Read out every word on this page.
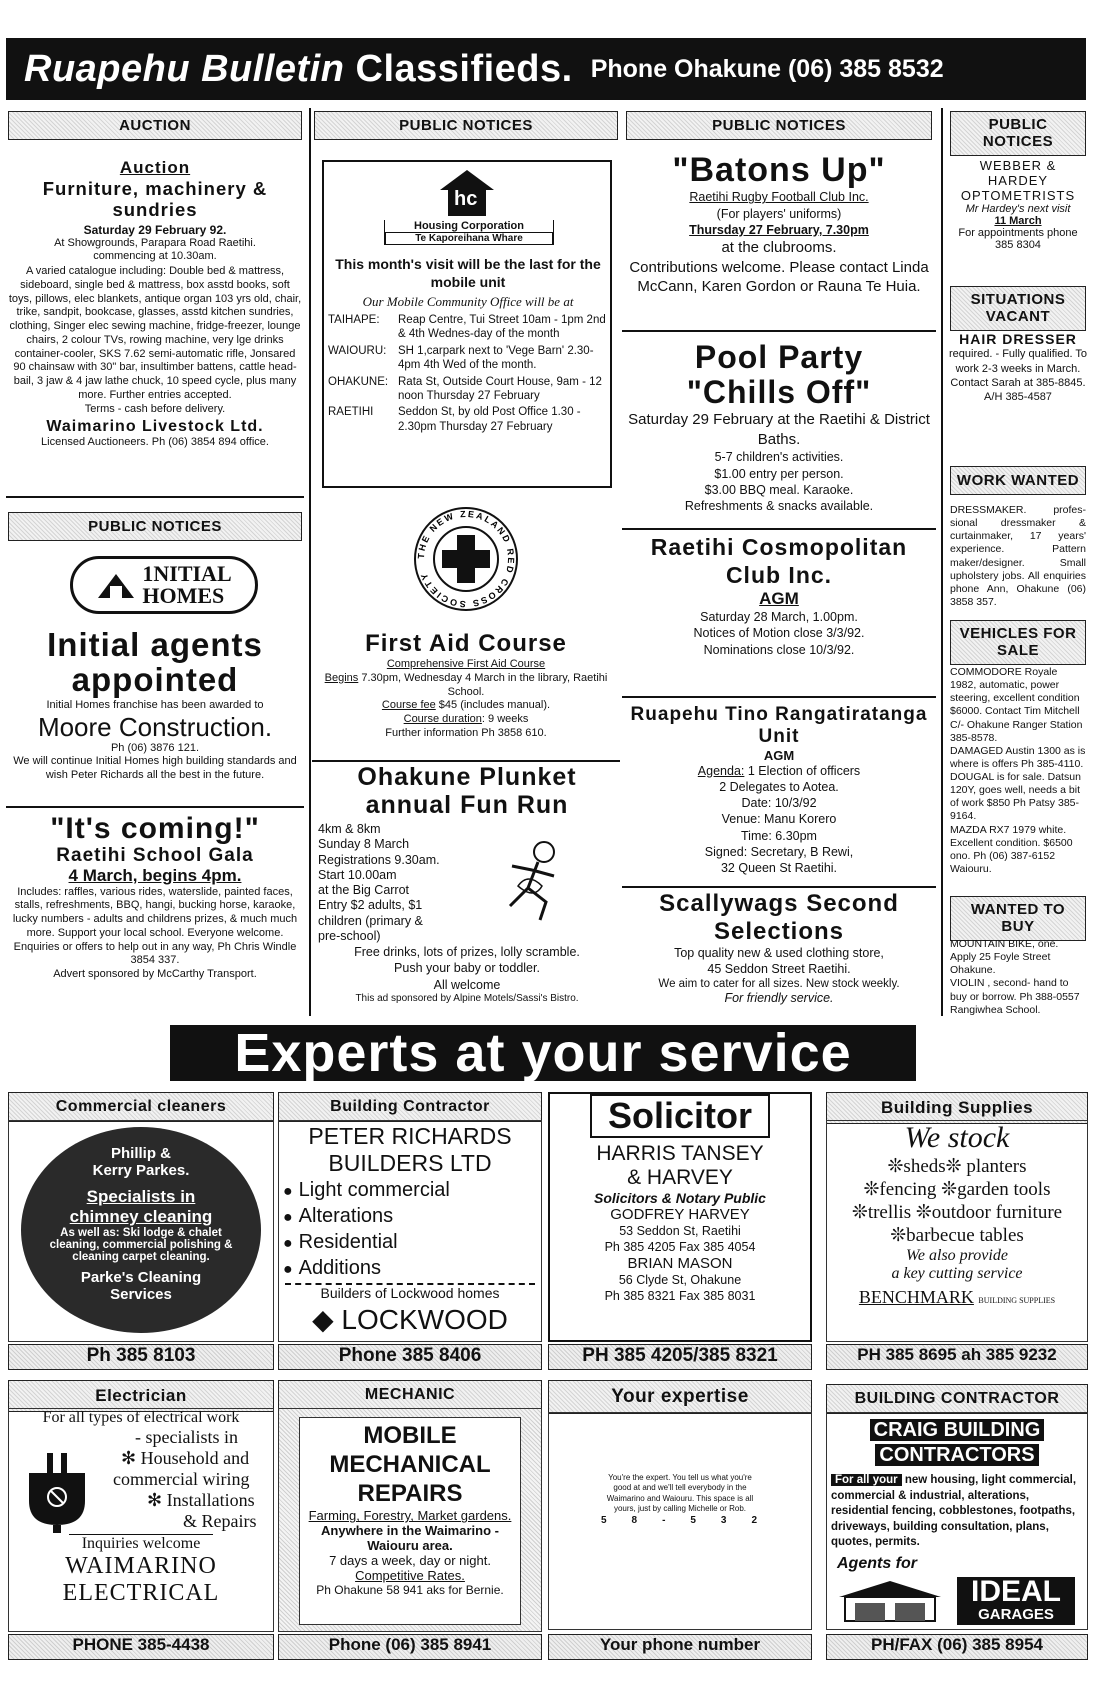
Ruapehu Bulletin Classifieds. Phone Ohakune (06) 385 8532
AUCTION
Auction
Furniture, machinery & sundries
Saturday 29 February 92.
At Showgrounds, Parapara Road Raetihi.
commencing at 10.30am.
A varied catalogue including: Double bed & mattress, sideboard, single bed & mattress, box asstd books, soft toys, pillows, elec blankets, antique organ 103 yrs old, chair, trike, sandpit, bookcase, glasses, asstd kitchen sundries, clothing, Singer elec sewing machine, fridge-freezer, lounge chairs, 2 colour TVs, rowing machine, very lge drinks container-cooler, SKS 7.62 semi-automatic rifle, Jonsared 90 chainsaw with 30" bar, insultimber battens, cattle head-bail, 3 jaw & 4 jaw lathe chuck, 10 speed cycle, plus many more. Further entries accepted.
Terms - cash before delivery.
Waimarino Livestock Ltd.
Licensed Auctioneers. Ph (06) 3854 894 office.
PUBLIC NOTICES
1NITIAL
HOMES
Initial agents
appointed
Initial Homes franchise has been awarded to
Moore Construction.
Ph (06) 3876 121.
We will continue Initial Homes high building standards and wish Peter Richards all the best in the future.
"It's coming!"
Raetihi School Gala
4 March, begins 4pm.
Includes: raffles, various rides, waterslide, painted faces, stalls, refreshments, BBQ, hangi, bucking horse, karaoke, lucky numbers - adults and childrens prizes, & much much more. Support your local school. Everyone welcome. Enquiries or offers to help out in any way, Ph Chris Windle 3854 337.
Advert sponsored by McCarthy Transport.
PUBLIC NOTICES
hc
Housing Corporation
Te Kaporeihana Whare
This month's visit will be the last for the mobile unit
Our Mobile Community Office will be at
TAIHAPE:	Reap Centre, Tui Street 10am - 1pm 2nd & 4th Wednes-day of the month
WAIOURU:	SH 1,carpark next to 'Vege Barn' 2.30-4pm 4th Wed of the month.
OHAKUNE:	Rata St, Outside Court House, 9am - 12 noon Thursday 27 February
RAETIHI	Seddon St, by old Post Office 1.30 - 2.30pm Thursday 27 February
THE NEW ZEALAND RED CROSS SOCIETY
First Aid Course
Comprehensive First Aid Course
Begins 7.30pm, Wednesday 4 March in the library, Raetihi School.
Course fee $45 (includes manual).
Course duration: 9 weeks
Further information Ph 3858 610.
Ohakune Plunket
annual Fun Run
4km & 8km
Sunday 8 March
Registrations 9.30am.
Start 10.00am
at the Big Carrot
Entry $2 adults, $1
children (primary &
pre-school)
Free drinks, lots of prizes, lolly scramble.
Push your baby or toddler.
All welcome
This ad sponsored by Alpine Motels/Sassi's Bistro.
PUBLIC NOTICES
"Batons Up"
Raetihi Rugby Football Club Inc.
(For players' uniforms)
Thursday 27 February, 7.30pm
at the clubrooms.
Contributions welcome. Please contact Linda McCann, Karen Gordon or Rauna Te Huia.
Pool Party
"Chills Off"
Saturday 29 February at the Raetihi & District Baths.
5-7 children's activities.
$1.00 entry per person.
$3.00 BBQ meal. Karaoke.
Refreshments & snacks available.
Raetihi Cosmopolitan Club Inc.
AGM
Saturday 28 March, 1.00pm.
Notices of Motion close 3/3/92.
Nominations close 10/3/92.
Ruapehu Tino Rangatiratanga Unit
AGM
Agenda: 1 Election of officers
2 Delegates to Aotea.
Date: 10/3/92
Venue: Manu Korero
Time: 6.30pm
Signed: Secretary, B Rewi,
32 Queen St Raetihi.
Scallywags Second Selections
Top quality new & used clothing store,
45 Seddon Street Raetihi.
We aim to cater for all sizes. New stock weekly.
For friendly service.
PUBLIC NOTICES
WEBBER & HARDEY
OPTOMETRISTS
Mr Hardey's next visit
11 March
For appointments phone 385 8304
SITUATIONS VACANT
HAIR DRESSER
required. - Fully qualified. To work 2-3 weeks in March. Contact Sarah at 385-8845. A/H 385-4587
WORK WANTED
DRESSMAKER. profes-sional dressmaker & curtainmaker, 17 years' experience. Pattern maker/designer. Small upholstery jobs. All enquiries phone Ann, Ohakune (06) 3858 357.
VEHICLES FOR SALE
COMMODORE Royale 1982, automatic, power steering, excellent condition $6000. Contact Tim Mitchell C/- Ohakune Ranger Station 385-8578.
DAMAGED Austin 1300 as is where is offers Ph 385-4110.
DOUGAL is for sale. Datsun 120Y, goes well, needs a bit of work $850 Ph Patsy 385-9164.
MAZDA RX7 1979 white. Excellent condition. $6500 ono. Ph (06) 387-6152 Waiouru.
WANTED TO BUY
MOUNTAIN BIKE, one. Apply 25 Foyle Street Ohakune.
VIOLIN , second- hand to buy or borrow. Ph 388-0557 Rangiwhea School.
Experts at your service
Commercial cleaners
Phillip &
Kerry Parkes.
Specialists in
chimney cleaning
As well as: Ski lodge & chalet cleaning, commercial polishing & cleaning carpet cleaning.
Parke's Cleaning
Services
Ph 385 8103
Building Contractor
PETER RICHARDS
BUILDERS LTD
● Light commercial
● Alterations
● Residential
● Additions
Builders of Lockwood homes
◆ LOCKWOOD
Phone 385 8406
Solicitor
HARRIS TANSEY
& HARVEY
Solicitors & Notary Public
GODFREY HARVEY
53 Seddon St, Raetihi
Ph 385 4205 Fax 385 4054
BRIAN MASON
56 Clyde St, Ohakune
Ph 385 8321 Fax 385 8031
PH 385 4205/385 8321
Building Supplies
We stock
❊sheds❊ planters
❊fencing ❊garden tools
❊trellis ❊outdoor furniture
❊barbecue tables
We also provide
a key cutting service
BENCHMARK BUILDING SUPPLIES
PH 385 8695 ah 385 9232
Electrician
For all types of electrical work
- specialists in
✻ Household and
commercial wiring
✻ Installations
& Repairs
Inquiries welcome
WAIMARINO
ELECTRICAL
PHONE 385-4438
MECHANIC
MOBILE
MECHANICAL
REPAIRS
Farming, Forestry, Market gardens.
Anywhere in the Waimarino - Waiouru area.
7 days a week, day or night.
Competitive Rates.
Ph Ohakune 58 941 aks for Bernie.
Phone (06) 385 8941
Your expertise
You're the expert. You tell us what you're good at and we'll tell everybody in the Waimarino and Waiouru. This space is all yours, just by calling Michelle or Rob.
5 8 - 5 3 2
Your phone number
BUILDING CONTRACTOR
CRAIG BUILDING
CONTRACTORS
For all your new housing, light commercial, commercial & industrial, alterations, residential fencing, cobblestones, footpaths, driveways, building consultation, plans, quotes, permits.
Agents for
IDEAL
GARAGES
PH/FAX (06) 385 8954
